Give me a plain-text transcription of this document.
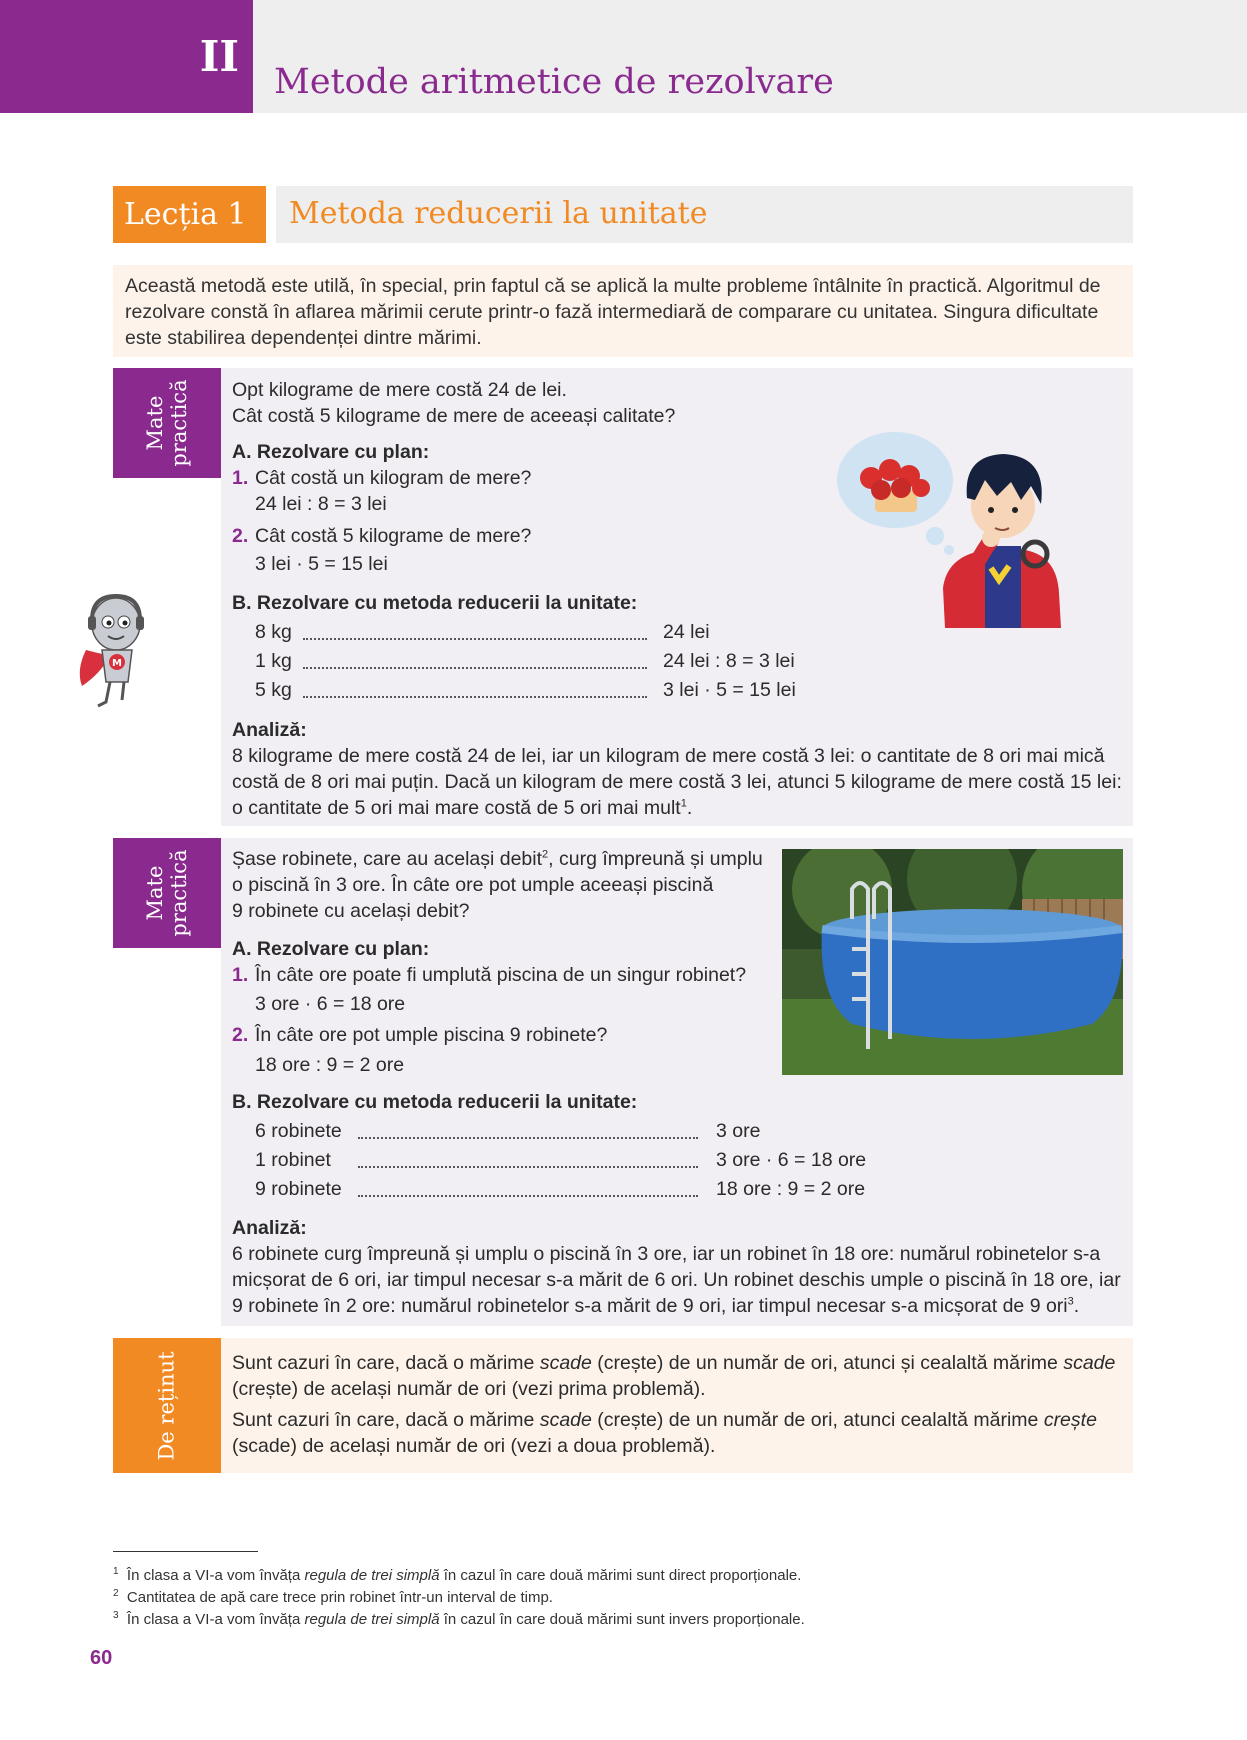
II
Metode aritmetice de rezolvare
Lecția 1	Metoda reducerii la unitate
Această metodă este utilă, în special, prin faptul că se aplică la multe probleme întâlnite în practică. Algoritmul de rezolvare constă în aflarea mărimii cerute printr-o fază intermediară de comparare cu unitatea. Singura dificultate este stabilirea dependenței dintre mărimi.
Mate practică Opt kilograme de mere costă 24 de lei.
Cât costă 5 kilograme de mere de aceeași calitate?
A. Rezolvare cu plan:
1. Cât costă un kilogram de mere?
24 lei : 8 = 3 lei
2. Cât costă 5 kilograme de mere?
3 lei · 5 = 15 lei
B. Rezolvare cu metoda reducerii la unitate:
8 kg	24 lei
1 kg	24 lei : 8 = 3 lei
5 kg	3 lei · 5 = 15 lei
Analiză:
8 kilograme de mere costă 24 de lei, iar un kilogram de mere costă 3 lei: o cantitate de 8 ori mai mică costă de 8 ori mai puțin. Dacă un kilogram de mere costă 3 lei, atunci 5 kilograme de mere costă 15 lei: o cantitate de 5 ori mai mare costă de 5 ori mai mult$^1$.
M
Mate practică Șase robinete, care au același debit$^2$, curg împreună și umplu
o piscină în 3 ore. În câte ore pot umple aceeași piscină
9 robinete cu același debit?
A. Rezolvare cu plan:
1. În câte ore poate fi umplută piscina de un singur robinet?
3 ore · 6 = 18 ore
2. În câte ore pot umple piscina 9 robinete?
18 ore : 9 = 2 ore
B. Rezolvare cu metoda reducerii la unitate:
6 robinete	3 ore
1 robinet	3 ore · 6 = 18 ore
9 robinete	18 ore : 9 = 2 ore
Analiză:
6 robinete curg împreună și umplu o piscină în 3 ore, iar un robinet în 18 ore: numărul robinetelor s-a micșorat de 6 ori, iar timpul necesar s-a mărit de 6 ori. Un robinet deschis umple o piscină în 18 ore, iar 9 robinete în 2 ore: numărul robinetelor s-a mărit de 9 ori, iar timpul necesar s-a micșorat de 9 ori$^3$.
De reținut	Sunt cazuri în care, dacă o mărime scade (crește) de un număr de ori, atunci și cealaltă mărime scade
(crește) de același număr de ori (vezi prima problemă).
Sunt cazuri în care, dacă o mărime scade (crește) de un număr de ori, atunci cealaltă mărime crește
(scade) de același număr de ori (vezi a doua problemă).
$^1$ În clasa a VI-a vom învăța regula de trei simplă în cazul în care două mărimi sunt direct proporționale.
$^2$ Cantitatea de apă care trece prin robinet într-un interval de timp.
$^3$ În clasa a VI-a vom învăța regula de trei simplă în cazul în care două mărimi sunt invers proporționale.
60
